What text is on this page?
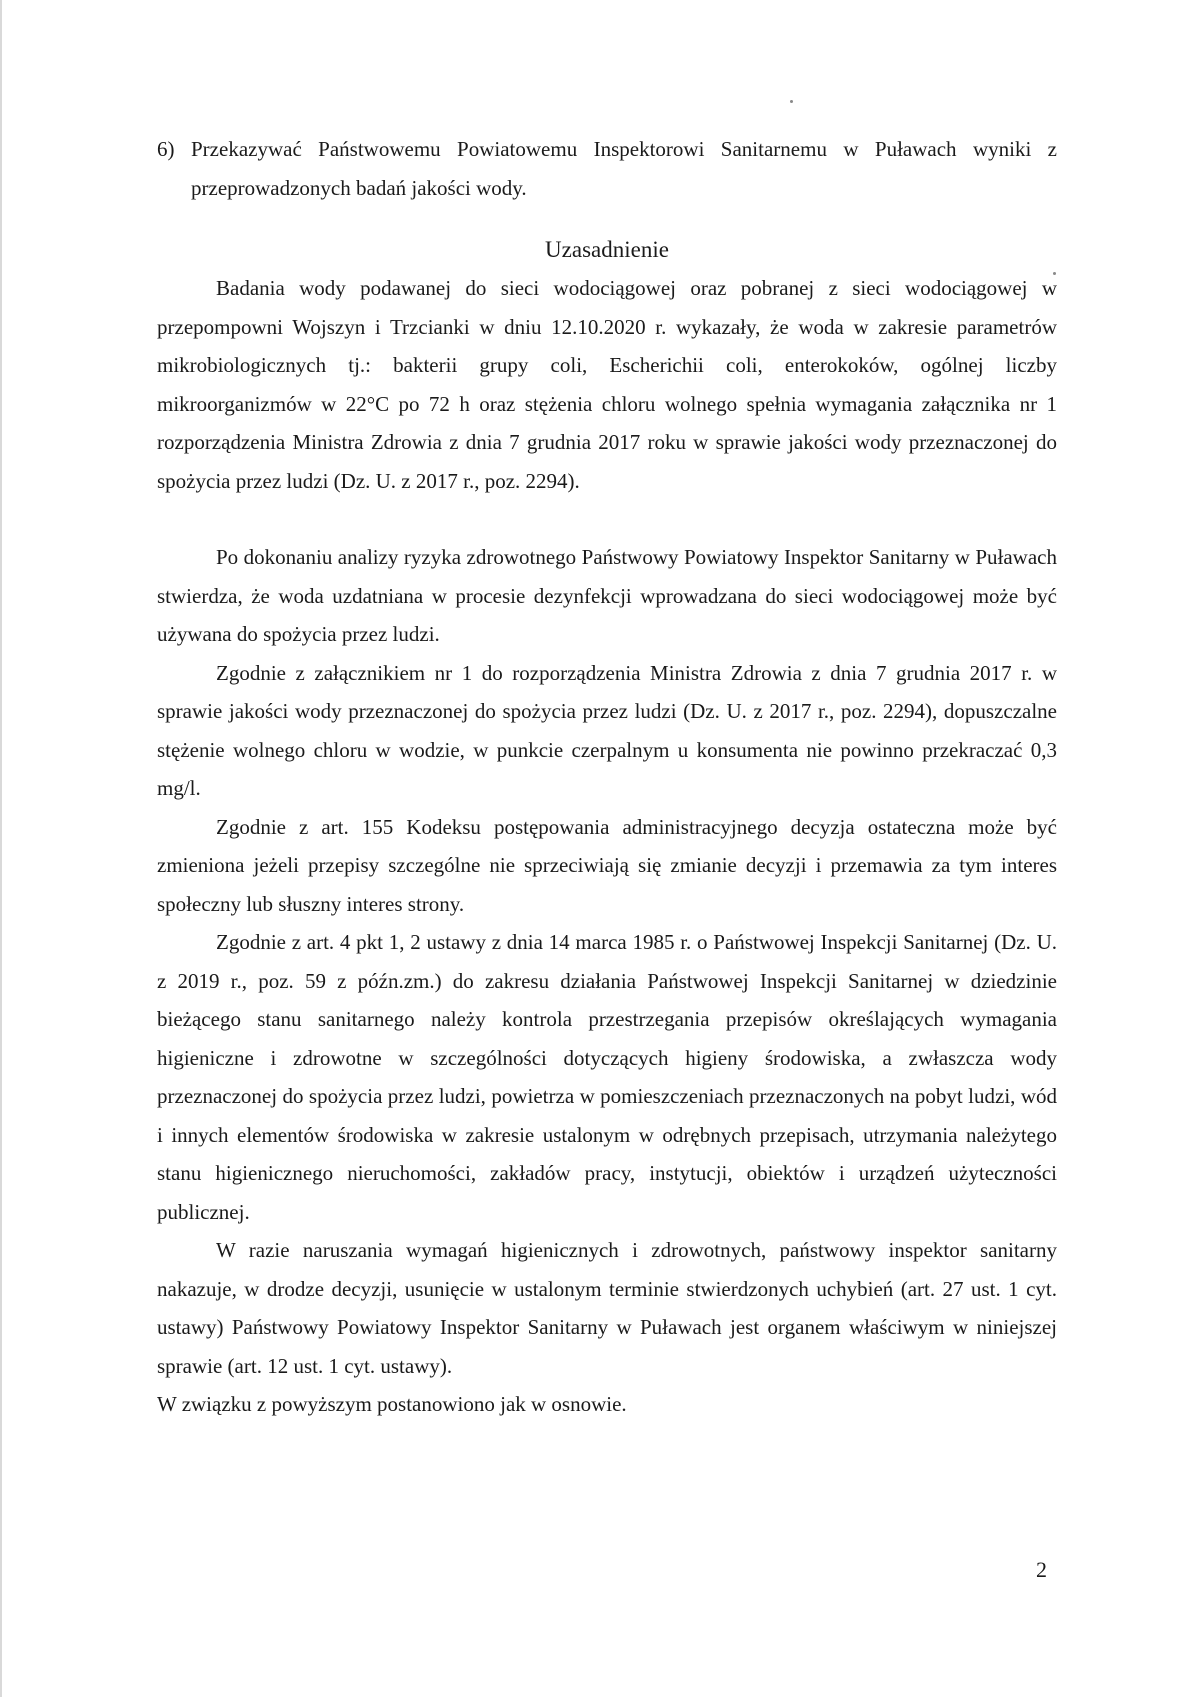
6) Przekazywać Państwowemu Powiatowemu Inspektorowi Sanitarnemu w Puławach wyniki z przeprowadzonych badań jakości wody.
Uzasadnienie

Badania wody podawanej do sieci wodociągowej oraz pobranej z sieci wodociągowej w przepompowni Wojszyn i Trzcianki w dniu 12.10.2020 r. wykazały, że woda w zakresie parametrów mikrobiologicznych tj.: bakterii grupy coli, Escherichii coli, enterokoków, ogólnej liczby mikroorganizmów w 22°C po 72 h oraz stężenia chloru wolnego spełnia wymagania załącznika nr 1 rozporządzenia Ministra Zdrowia z dnia 7 grudnia 2017 roku w sprawie jakości wody przeznaczonej do spożycia przez ludzi (Dz. U. z 2017 r., poz. 2294).

Po dokonaniu analizy ryzyka zdrowotnego Państwowy Powiatowy Inspektor Sanitarny w Puławach stwierdza, że woda uzdatniana w procesie dezynfekcji wprowadzana do sieci wodociągowej może być używana do spożycia przez ludzi.

Zgodnie z załącznikiem nr 1 do rozporządzenia Ministra Zdrowia z dnia 7 grudnia 2017 r. w sprawie jakości wody przeznaczonej do spożycia przez ludzi (Dz. U. z 2017 r., poz. 2294), dopuszczalne stężenie wolnego chloru w wodzie, w punkcie czerpalnym u konsumenta nie powinno przekraczać 0,3 mg/l.

Zgodnie z art. 155 Kodeksu postępowania administracyjnego decyzja ostateczna może być zmieniona jeżeli przepisy szczególne nie sprzeciwiają się zmianie decyzji i przemawia za tym interes społeczny lub słuszny interes strony.

Zgodnie z art. 4 pkt 1, 2 ustawy z dnia 14 marca 1985 r. o Państwowej Inspekcji Sanitarnej (Dz. U. z 2019 r., poz. 59 z późn.zm.) do zakresu działania Państwowej Inspekcji Sanitarnej w dziedzinie bieżącego stanu sanitarnego należy kontrola przestrzegania przepisów określających wymagania higieniczne i zdrowotne w szczególności dotyczących higieny środowiska, a zwłaszcza wody przeznaczonej do spożycia przez ludzi, powietrza w pomieszczeniach przeznaczonych na pobyt ludzi, wód i innych elementów środowiska w zakresie ustalonym w odrębnych przepisach, utrzymania należytego stanu higienicznego nieruchomości, zakładów pracy, instytucji, obiektów i urządzeń użyteczności publicznej.

W razie naruszania wymagań higienicznych i zdrowotnych, państwowy inspektor sanitarny nakazuje, w drodze decyzji, usunięcie w ustalonym terminie stwierdzonych uchybień (art. 27 ust. 1 cyt. ustawy) Państwowy Powiatowy Inspektor Sanitarny w Puławach jest organem właściwym w niniejszej sprawie (art. 12 ust. 1 cyt. ustawy).

W związku z powyższym postanowiono jak w osnowie.

2
